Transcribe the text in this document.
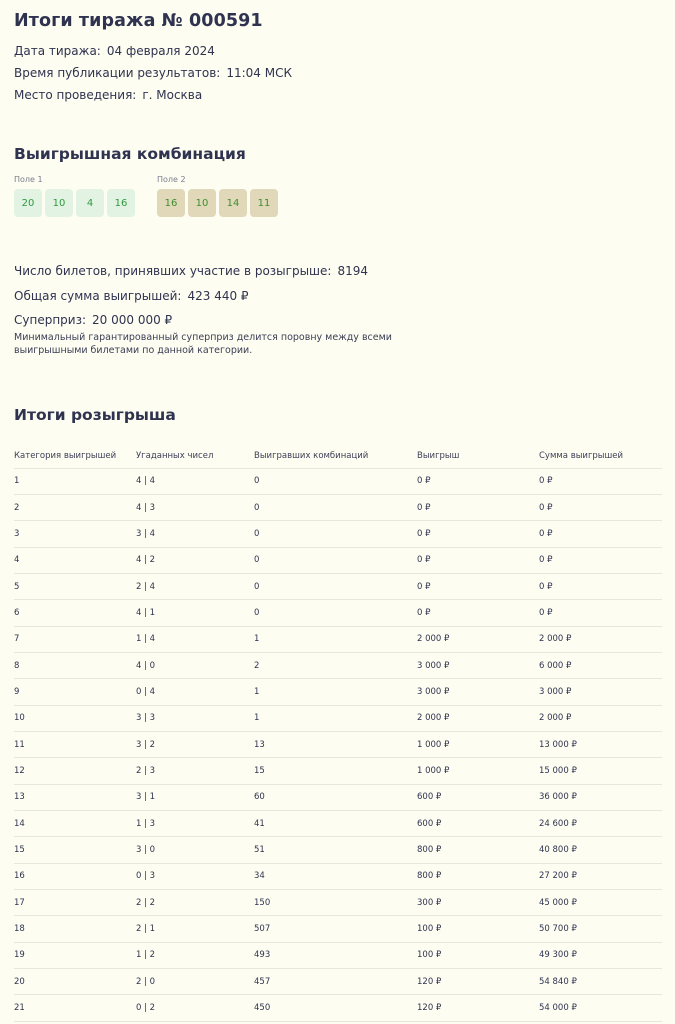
Итоги тиража № 000591
Дата тиража: 04 февраля 2024
Время публикации результатов: 11:04 МСК
Место проведения: г. Москва
Выигрышная комбинация
Поле 1
20	10	4	16
Поле 2
16	10	14	11
Число билетов, принявших участие в розыгрыше: 8194
Общая сумма выигрышей: 423 440 ₽
Суперприз: 20 000 000 ₽
Минимальный гарантированный суперприз делится поровну между всеми выигрышными билетами по данной категории.
Итоги розыгрыша
Категория выигрышей	Угаданных чисел	Выигравших комбинаций	Выигрыш	Сумма выигрышей
1	4 | 4	0	0 ₽	0 ₽
2	4 | 3	0	0 ₽	0 ₽
3	3 | 4	0	0 ₽	0 ₽
4	4 | 2	0	0 ₽	0 ₽
5	2 | 4	0	0 ₽	0 ₽
6	4 | 1	0	0 ₽	0 ₽
7	1 | 4	1	2 000 ₽	2 000 ₽
8	4 | 0	2	3 000 ₽	6 000 ₽
9	0 | 4	1	3 000 ₽	3 000 ₽
10	3 | 3	1	2 000 ₽	2 000 ₽
11	3 | 2	13	1 000 ₽	13 000 ₽
12	2 | 3	15	1 000 ₽	15 000 ₽
13	3 | 1	60	600 ₽	36 000 ₽
14	1 | 3	41	600 ₽	24 600 ₽
15	3 | 0	51	800 ₽	40 800 ₽
16	0 | 3	34	800 ₽	27 200 ₽
17	2 | 2	150	300 ₽	45 000 ₽
18	2 | 1	507	100 ₽	50 700 ₽
19	1 | 2	493	100 ₽	49 300 ₽
20	2 | 0	457	120 ₽	54 840 ₽
21	0 | 2	450	120 ₽	54 000 ₽
